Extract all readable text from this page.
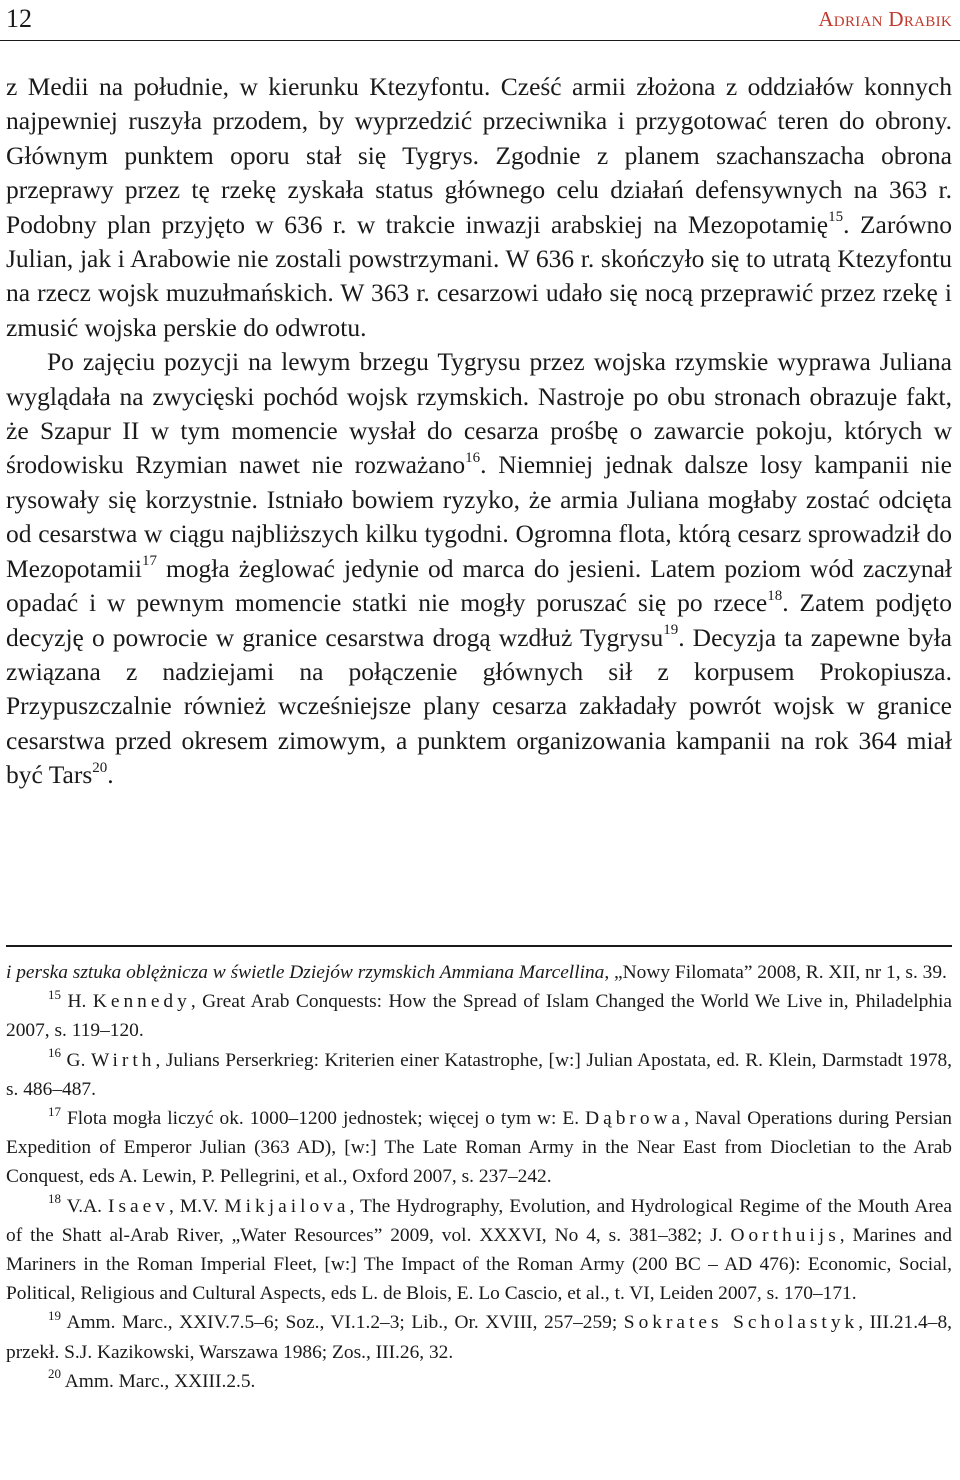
12	Adrian Drabik

z Medii na południe, w kierunku Ktezyfontu. Cześć armii złożona z oddziałów konnych najpewniej ruszyła przodem, by wyprzedzić przeciwnika i przygotować teren do obrony. Głównym punktem oporu stał się Tygrys. Zgodnie z planem szachanszacha obrona przeprawy przez tę rzekę zyskała status głównego celu działań defensywnych na 363 r. Podobny plan przyjęto w 636 r. w trakcie inwazji arabskiej na Mezopotamię$^{15}$. Zarówno Julian, jak i Arabowie nie zostali powstrzymani. W 636 r. skończyło się to utratą Ktezyfontu na rzecz wojsk muzułmańskich. W 363 r. cesarzowi udało się nocą przeprawić przez rzekę i zmusić wojska perskie do odwrotu.

Po zajęciu pozycji na lewym brzegu Tygrysu przez wojska rzymskie wyprawa Juliana wyglądała na zwycięski pochód wojsk rzymskich. Nastroje po obu stronach obrazuje fakt, że Szapur II w tym momencie wysłał do cesarza prośbę o zawarcie pokoju, których w środowisku Rzymian nawet nie rozważano$^{16}$. Niemniej jednak dalsze losy kampanii nie rysowały się korzystnie. Istniało bowiem ryzyko, że armia Juliana mogłaby zostać odcięta od cesarstwa w ciągu najbliższych kilku tygodni. Ogromna flota, którą cesarz sprowadził do Mezopotamii$^{17}$ mogła żeglować jedynie od marca do jesieni. Latem poziom wód zaczynał opadać i w pewnym momencie statki nie mogły poruszać się po rzece$^{18}$. Zatem podjęto decyzję o powrocie w granice cesarstwa drogą wzdłuż Tygrysu$^{19}$. Decyzja ta zapewne była związana z nadziejami na połączenie głównych sił z korpusem Prokopiusza. Przypuszczalnie również wcześniejsze plany cesarza zakładały powrót wojsk w granice cesarstwa przed okresem zimowym, a punktem organizowania kampanii na rok 364 miał być Tars$^{20}$.

i perska sztuka oblężnicza w świetle Dziejów rzymskich Ammiana Marcellina, „Nowy Filomata” 2008, R. XII, nr 1, s. 39.

$^{15}$ H. Kennedy, Great Arab Conquests: How the Spread of Islam Changed the World We Live in, Philadelphia 2007, s. 119–120.

$^{16}$ G. Wirth, Julians Perserkrieg: Kriterien einer Katastrophe, [w:] Julian Apostata, ed. R. Klein, Darmstadt 1978, s. 486–487.

$^{17}$ Flota mogła liczyć ok. 1000–1200 jednostek; więcej o tym w: E. Dąbrowa, Naval Operations during Persian Expedition of Emperor Julian (363 AD), [w:] The Late Roman Army in the Near East from Diocletian to the Arab Conquest, eds A. Lewin, P. Pellegrini, et al., Oxford 2007, s. 237–242.

$^{18}$ V.A. Isaev, M.V. Mikjailova, The Hydrography, Evolution, and Hydrological Regime of the Mouth Area of the Shatt al-Arab River, „Water Resources” 2009, vol. XXXVI, No 4, s. 381–382; J. Oorthuijs, Marines and Mariners in the Roman Imperial Fleet, [w:] The Impact of the Roman Army (200 BC – AD 476): Economic, Social, Political, Religious and Cultural Aspects, eds L. de Blois, E. Lo Cascio, et al., t. VI, Leiden 2007, s. 170–171.

$^{19}$ Amm. Marc., XXIV.7.5–6; Soz., VI.1.2–3; Lib., Or. XVIII, 257–259; Sokrates Scholastyk, III.21.4–8, przekł. S.J. Kazikowski, Warszawa 1986; Zos., III.26, 32.

$^{20}$ Amm. Marc., XXIII.2.5.
